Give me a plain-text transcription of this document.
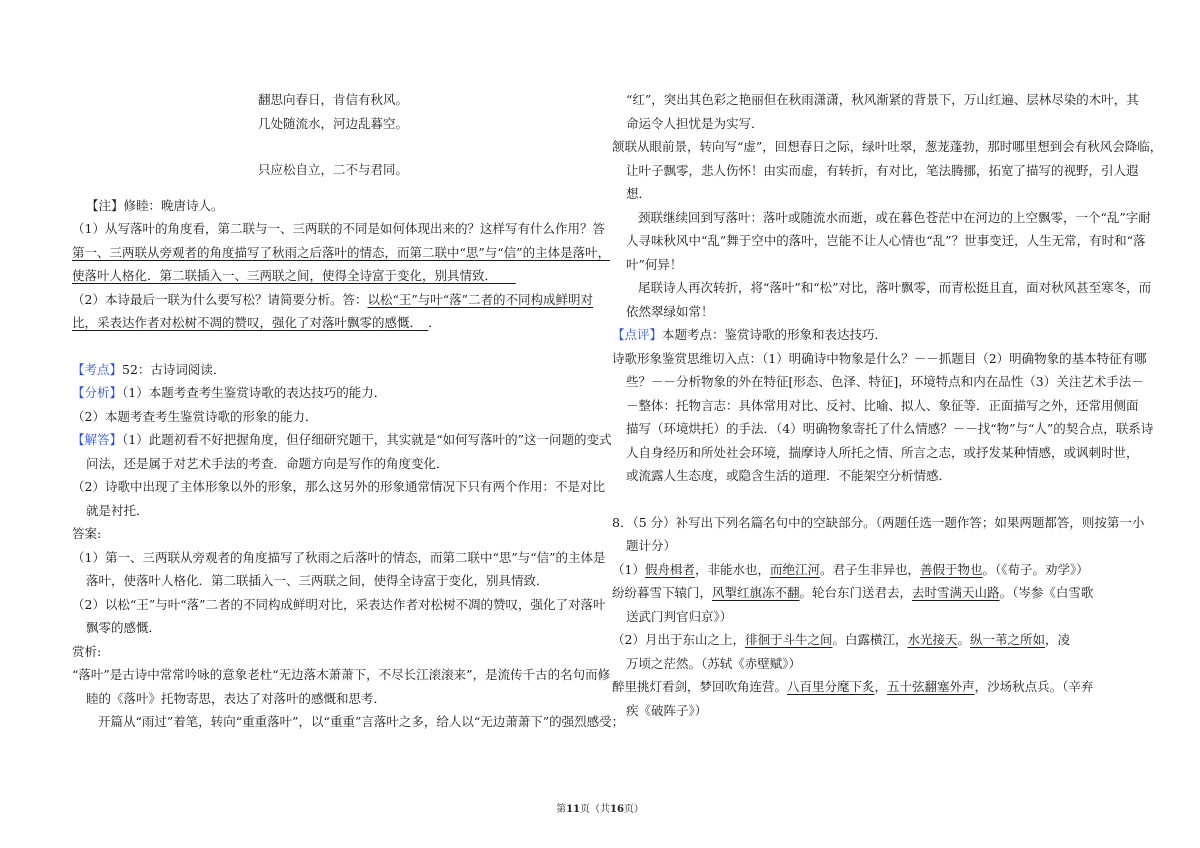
翻思向春日，肯信有秋风。
几处随流水，河边乱暮空。
只应松自立，二不与君同。
【注】修睦：晚唐诗人。
（1）从写落叶的角度看，第二联与一、三两联的不同是如何体现出来的？这样写有什么作用？答
第一、三两联从旁观者的角度描写了秋雨之后落叶的情态，而第二联中“思”与“信”的主体是落叶，
使落叶人格化．第二联插入一、三两联之间，使得全诗富于变化，别具情致．　　
（2）本诗最后一联为什么要写松？请简要分析。答：以松“王”与叶“落”二者的不同构成鲜明对
比，采表达作者对松树不凋的赞叹，强化了对落叶飘零的感慨．　 ．
【考点】52：古诗词阅读．
【分析】（1）本题考查考生鉴赏诗歌的表达技巧的能力．
（2）本题考查考生鉴赏诗歌的形象的能力．
【解答】（1）此题初看不好把握角度，但仔细研究题干，其实就是“如何写落叶的”这一问题的变式
问法，还是属于对艺术手法的考查．命题方向是写作的角度变化．
（2）诗歌中出现了主体形象以外的形象，那么这另外的形象通常情况下只有两个作用：不是对比
就是衬托．
答案:
（1）第一、三两联从旁观者的角度描写了秋雨之后落叶的情态，而第二联中“思”与“信”的主体是
落叶，使落叶人格化．第二联插入一、三两联之间，使得全诗富于变化，别具情致．
（2）以松“王”与叶“落”二者的不同构成鲜明对比，采表达作者对松树不凋的赞叹，强化了对落叶
飘零的感慨．
赏析:
“落叶”是古诗中常常吟咏的意象老杜“无边落木萧萧下，不尽长江滚滚来”，是流传千古的名句而修
睦的《落叶》托物寄思，表达了对落叶的感慨和思考．
开篇从“雨过”着笔，转向“重重落叶”，以“重重”言落叶之多，给人以“无边萧萧下”的强烈感受；
“红”，突出其色彩之艳丽但在秋雨潇潇，秋风渐紧的背景下，万山红遍、层林尽染的木叶，其
命运令人担忧是为实写．
颔联从眼前景，转向写“虚”，回想春日之际，绿叶吐翠，葱茏蓬勃，那时哪里想到会有秋风会降临，
让叶子飘零，悲人伤怀！由实而虚，有转折，有对比，笔法腾挪，拓宽了描写的视野，引人遐
想．
颈联继续回到写落叶：落叶或随流水而逝，或在暮色苍茫中在河边的上空飘零，一个“乱”字耐
人寻味秋风中“乱”舞于空中的落叶，岂能不让人心情也“乱”？世事变迁，人生无常，有时和“落
叶”何异！
尾联诗人再次转折，将“落叶”和“松”对比，落叶飘零，而青松挺且直，面对秋风甚至寒冬，而
依然翠绿如常！
【点评】本题考点：鉴赏诗歌的形象和表达技巧．
诗歌形象鉴赏思维切入点：（1）明确诗中物象是什么？－－抓题目（2）明确物象的基本特征有哪
些？－－分析物象的外在特征[形态、色泽、特征]，环境特点和内在品性（3）关注艺术手法－
－整体：托物言志：具体常用对比、反衬、比喻、拟人、象征等．正面描写之外，还常用侧面
描写（环境烘托）的手法．（4）明确物象寄托了什么情感？－－找“物”与“人”的契合点，联系诗
人自身经历和所处社会环境，揣摩诗人所托之情、所言之志，或抒发某种情感，或讽刺时世，
或流露人生态度，或隐含生活的道理．不能架空分析情感．
8．（5 分）补写出下列名篇名句中的空缺部分。（两题任选一题作答；如果两题都答，则按第一小
题计分）
（1）假舟楫者，非能水也，而绝江河。君子生非异也，善假于物也。（《荀子。劝学》）
纷纷暮雪下辕门，风掣红旗冻不翻。轮台东门送君去，去时雪满天山路。（岑参《白雪歌
送武门判官归京》）
（2）月出于东山之上，徘徊于斗牛之间。白露横江，水光接天。纵一苇之所如，凌
万顷之茫然。（苏轼《赤壁赋》）
醉里挑灯看剑，梦回吹角连营。八百里分麾下炙，五十弦翻塞外声，沙场秋点兵。（辛弃
疾《破阵子》）
第11页（共16页）
